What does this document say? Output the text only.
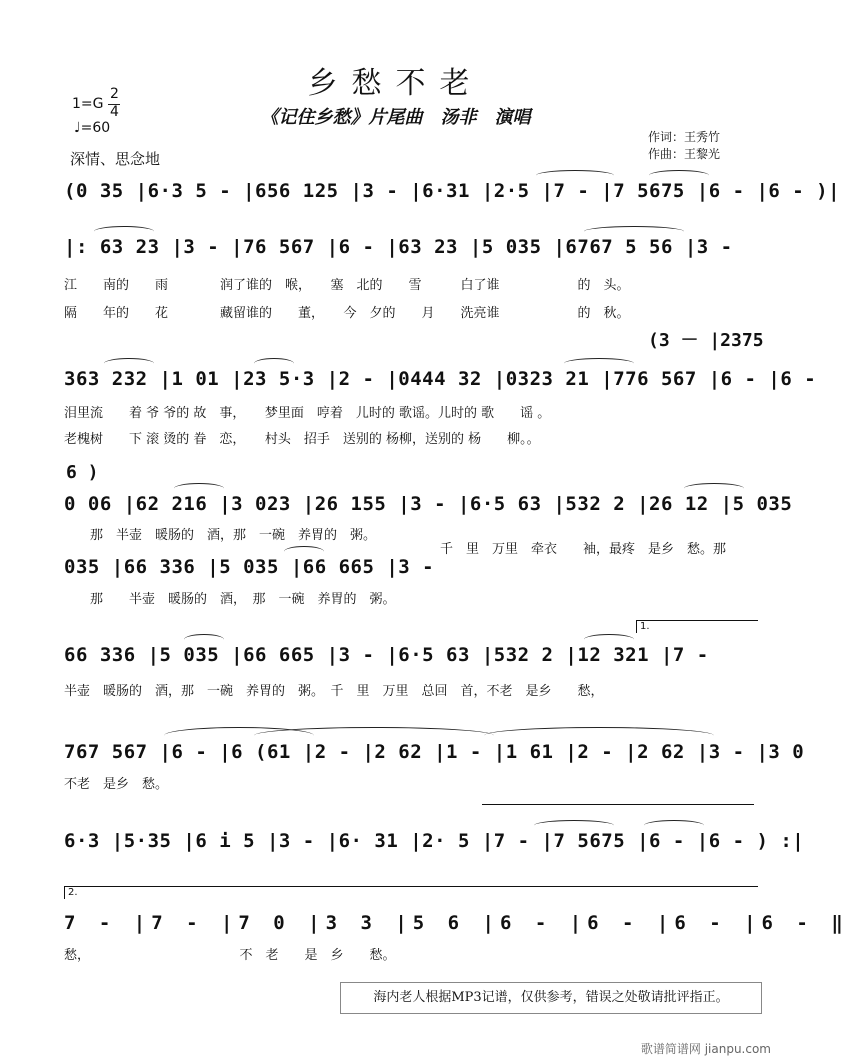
乡愁不老
《记住乡愁》片尾曲　汤非　演唱
1=G
2
4
♩=60
深情、思念地
作词：王秀竹
作曲：王黎光
(0 35 |6·3 5 - |656 125 |3 - |6·31 |2·5 |7 - |7 5675 |6 - |6 - )|
|: 63 23 |3 - |76 567 |6 - |63 23 |5 035 |6767 5 56 |3 -
江　　南的　　雨　　　　润了谁的　喉，　　塞　北的　　雪　　　白了谁　　　　　　的　头。
隔　　年的　　花　　　　藏留谁的　　董，　　今　夕的　　月　　洗亮谁　　　　　　的　秋。
(3 － |2375
363 232 |1 01 |23 5·3 |2 - |0444 32 |0323 21 |776 567 |6 - |6 -
泪里流　　着 爷 爷的 故　事，　　梦里面　哼着　儿时的 歌谣。儿时的 歌　　谣 。
老槐树　　下 滚 烫的 眷　恋，　　村头　招手　送别的 杨柳，送别的 杨　　柳。。
6 )
0 06 |62 216 |3 023 |26 155 |3 - |6·5 63 |532 2 |26 12 |5 035
那　半壶　暖肠的　酒，那　一碗　养胃的　粥。
千　里　万里　牵衣　　袖，最疼　是乡　愁。那
035 |66 336 |5 035 |66 665 |3 -
那　　半壶　暖肠的　酒，　那　一碗　养胃的　粥。
66 336 |5 035 |66 665 |3 - |6·5 63 |532 2 |12 321 |7 -
1.
半壶　暖肠的　酒，那　一碗　养胃的　粥。　千　里　万里　总回　首，不老　是乡　　愁，
767 567 |6 - |6 (61 |2 - |2 62 |1 - |1 61 |2 - |2 62 |3 - |3 0
不老　是乡　愁。
6·3 |5·35 |6 i 5 |3 - |6· 31 |2· 5 |7 - |7 5675 |6 - |6 - ) :|
2.
7 - |7 - |7 0 |3 3 |5 6 |6 - |6 - |6 - |6 - ‖
愁，　　　　　　　　　　　　不　老　　是　乡　　愁。
海内老人根据MP3记谱，仅供参考，错误之处敬请批评指正。
歌谱简谱网 jianpu.com
